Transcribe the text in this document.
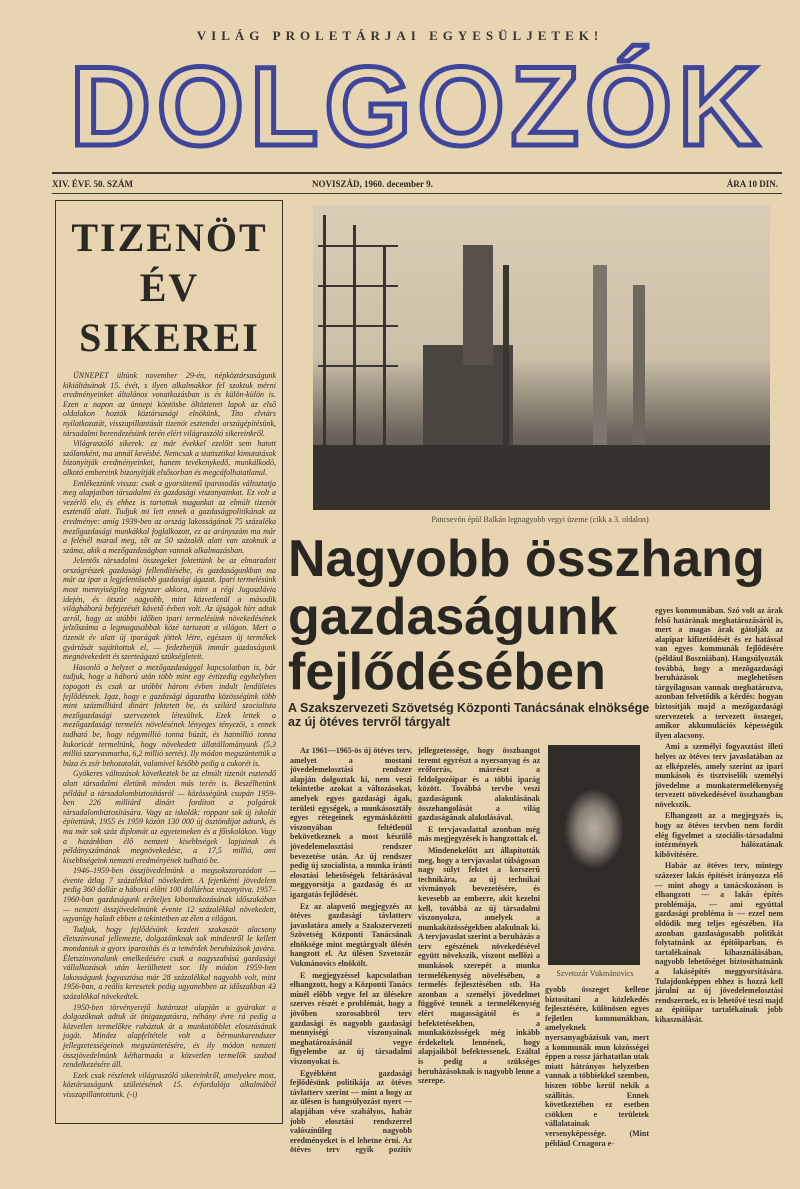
VILÁG PROLETÁRJAI EGYESÜLJETEK!
DOLGOZÓK
XIV. ÉVF. 50. SZÁM	NOVISZÁD, 1960. december 9.	ÁRA 10 DIN.
TIZENÖT
ÉV
SIKEREI

ÜNNEPET ültünk november 29-én, népköztársaságunk kikiáltásának 15. évét, s ilyen alkalmakkor fel szoktuk mérni eredményeinket általános vonatkozásban is és külön-külön is. Ezen a napon az ünnepi köntösbe öltöztetett lapok az első oldalakon hozták köztársasági elnökünk, Tito elvtárs nyilatkozatát, visszapillantását tizenöt esztendei országépítésünk, társadalmi berendezésünk terén elért világraszóló sikereinkről.

Világraszóló sikerek: ez már évekkel ezelőtt sem hatott szólamként, ma annál kevésbé. Nemcsak a statisztikai kimutatások bizonyítják eredményeinket, hanem tevékenykedő, munkálkodó, alkotó embereink bizonyítják elsősorban és megcáfolhatatlanul.

Emlékezzünk vissza: csak a gyorsütemű iparosodás változtatja meg alapjaiban társadalmi és gazdasági viszonyainkat. Ez volt a vezérlő elv, és ehhez is tartottuk magunkat az elmúlt tizenöt esztendő alatt. Tudjuk mi lett ennek a gazdaságpolitikának az eredménye: amíg 1939-ben az ország lakosságának 75 százaléka mezőgazdasági munkákkal foglalkozott, ez az arányszám ma már a felénél marad meg, sőt az 50 százalék alatt van azoknak a száma, akik a mezőgazdaságban vannak alkalmazásban.

Jelentős társadalmi összegeket fektettünk be az elmaradott országrészek gazdasági fellendítésébe, és gazdaságunkban ma már az ipar a legjelentősebb gazdasági ágazat. Ipari termelésünk most mennyiségileg négyszer akkora, mint a régi Jugoszlávia idején, és ötször nagyobb, mint közvetlenül a második világháború befejezését követő évben volt. Az újságok hírt adtak arról, hogy az utóbbi időben ipari termelésünk növekedésének jelzőszáma a legmagasabbak közé tartozott a világon. Mert a tizenöt év alatt új iparágak jöttek létre, egészen új termékek gyártását sajátítottuk el, — fedezhetjük immár gazdaságunk megnövekedett és szerteágazó szükségleteit.

Hasonló a helyzet a mezőgazdasággal kapcsolatban is, bár tudjuk, hogy a háború után több mint egy évtizedig egyhelyben topogott és csak az utóbbi három évben indult lendületes fejlődésnek. Igaz, hogy e gazdasági ágazatba közösségünk több mint százmilliárd dinárt fektetett be, és szilárd szocialista mezőgazdasági szervezetek létesültek. Ezek lettek a mezőgazdasági termelés növelésének lényeges tényezői, s ennek tudható be, hogy négymillió tonna búzát, és hatmillió tonna kukoricát termeltünk, hogy növekedett állatállományunk (5,3 millió szarvasmarha, 6,2 millió sertés). Ily módon megszüntettük a búza és zsír behozatalát, valamivel később pedig a cukorét is.

Gyökeres változások következtek be az elmúlt tizenöt esztendő alatt társadalmi életünk minden más terén is. Beszélhetünk például a társadalombiztosításról — közösségünk csupán 1959-ben 226 milliárd dinárt fordított a polgárok társadalombiztosítására. Vagy az iskolák: roppant sok új iskolát építettünk, 1955 és 1959 között 130 000 új ösztöndíjat adtunk, és ma már sok száz diplomát az egyetemeken és a főiskolákon. Vagy a hazánkban élő nemzeti kisebbségek lapjainak és példányszámának megnövekedése, a 17,5 millió, ami kisebbségeink nemzeti eredményének tudható be.

1946–1959-ben összjövedelmünk a megsokszorozódott — évente átlag 7 százalékkal növekedett. A fejenkénti jövedelem pedig 360 dollár a háború előtti 100 dollárhoz viszonyítva. 1957–1960-ban gazdaságunk erőteljes kibontakozásának időszakában — nemzeti összjövedelmünk évente 12 százalékkal növekedett, ugyanígy haladt ebben a tekintetben az élen a világon.

Tudjuk, hogy fejlődésünk kezdeti szakaszát alacsony életszínvonal jellemezte, dolgozóinknak sok mindenről le kellett mondaniuk a gyors iparosítás és a temérdek beruházások javára. Életszínvonalunk emelkedésére csak a nagyszabású gazdasági vállalkozások után kerülhetett sor. Ily módon 1959-ben lakosságunk fogyasztása már 28 százalékkal nagyobb volt, mint 1956-ban, a reális keresetek pedig ugyanebben az időszakban 43 százalékkal növekedtek.

1950-ben törvényerejű határozat alapján a gyárakat a dolgozóknak adtuk át önigazgatásra, néhány évre rá pedig a közvetlen termelőkre ruháztuk át a munkatöbblet elosztásának jogát. Mindez alapfeltétele volt a bérmunkarendszer jellegzetességeinek megszüntetésére, és ily módon nemzeti összjövedelmünk kétharmada a közvetlen termelők szabad rendelkezésére áll.

Ezek csak részletek világraszóló sikereinkről, amelyekre most, köztársaságunk születésének 15. évfordulója alkalmából visszapillantottunk. (-i)

Pancsevón épül Balkán legnagyobb vegyi üzeme (cikk a 3. oldalon)
Nagyobb összhang
gazdaságunk
fejlődésében
A Szakszervezeti Szövetség Központi Tanácsának elnöksége az új ötéves tervről tárgyalt

Az 1961—1965-ös új ötéves terv, amelyet a mostani jövedelemelosztási rendszer alapján dolgoztak ki, nem veszi tekintetbe azokat a változásokat, amelyek egyes gazdasági ágak, területi egységek, a munkásosztály egyes rétegeinek egymásközötti viszonyában feltétlenül bekövetkeznek a most készülő jövedelemelosztási rendszer bevezetése után. Az új rendszer pedig új szocialista, a munka iránti elosztási lehetőségek feltárásával meggyorsítja a gazdaság és az igazgatás fejlődését.

Ez az alapvető megjegyzés az ötéves gazdasági távlatterv javaslatára amely a Szakszervezeti Szövetség Központi Tanácsának elnöksége mint megtárgyalt ülésén hangzott el. Az ülésen Szvetozár Vukmánovics elnökölt.

E megjegyzéssel kapcsolatban elhangzott, hogy a Központi Tanács minél előbb vegye fel az ülésekre szerves részét e problémát, hogy a jövőben szorosabbról terv gazdasági és nagyobb gazdasági mennyiségi viszonyainak meghatározásánál vegye figyelembe az új társadalmi viszonyokat is.

Egyébként gazdasági fejlődésünk politikája az ötéves távlatterv szerint — mint a hogy az az ülésen is hangsúlyozást nyert — alapjában véve szabályos, habár jobb elosztási rendszerrel valószínűleg nagyobb eredményeket is el lehetne érni. Az ötéves terv egyik pozitív jellegzetessége, hogy összhangot teremt egyrészt a nyersanyag és az erőforrás, másrészt a feldolgozóipar és a többi iparág között. Továbbá tervbe veszi gazdaságunk alakulásának összehangolását a világ gazdaságának alakulásával.

E tervjavaslattal azonban még más megjegyzések is hangzottak el.

Mindenekelőtt azt állapították meg, hogy a tervjavaslat túlságosan nagy súlyt fektet a korszerű technikára, az új technikai vívmányok bevezetésére, és kevesebb az emberre, akit kezelni kell, továbbá az új társadalmi viszonyokra, amelyek a munkaközösségekben alakulnak ki. A tervjavaslat szerint a beruházás a terv egészének növekedésével együtt növekszik, viszont mellőzi a munkások szerepét a munka termelékenység növelésében, a termelés fejlesztésében stb. Ha azonban a személyi jövedelmet függővé tennék a termelékenység elért magasságától és a befektetésekben, a munkaközösségek még inkább érdekeltek lennének, hogy alapjaikból befektessenek. Ezáltal is pedig a szükséges beruházásoknak is nagyobb lenne a szerepe.

Szvetozár Vukmánovics

gyobb összeget kellene biztosítani a közlekedés fejlesztésére, különösen egyes fejletlen kommunákban, amelyeknek nyersanyagbázisuk van, mert a kommunák mun közösségei éppen a rossz járhatatlan utak miatt hátrányos helyzetben vannak a többiekkel szemben, hiszen többe kerül nekik a szállítás. Ennek következtében ez esetben csökken e területek vállalatainak versenyképessége. (Mint például Crnagora e-

egyes kommunában. Szó volt az árak felső határának meghatározásáról is, mert a magas árak gátolják az alapipar kifizetődését és ez hatással van egyes kommunák fejlődésére (például Boszniában). Hangsúlyozták továbbá, hogy a mezőgazdasági beruházások meglehetősen tárgyilagosan vannak meghatározva, azonban felvetődik a kérdés: hogyan biztosítják majd a mezőgazdasági szervezetek a tervezett összeget, amikor akkumulációs képességük ilyen alacsony.

Ami a személyi fogyasztást illeti helyes az ötéves terv javaslatában az az elképzelés, amely szerint az ipari munkások és tisztviselők személyi jövedelme a munkatermelékenység tervezett növekedésével összhangban növekszik.

Elhangzott az a megjegyzés is, hogy az ötéves tervben nem fordít elég figyelmet a szociális-társadalmi intézmények hálózatának kibővítésére.

Habár az ötéves terv, mintegy százezer lakás építését irányozza elő — mint ahogy a tanácskozáson is elhangzott — a lakás építés problémája, — ami egyúttal gazdasági probléma is — ezzel nem oldódik meg teljes egészében. Ha azonban gazdaságosabb politikát folytatnánk az építőiparban, és tartalékainak kihasználásában, nagyobb lehetőséget biztosíthatnánk a lakásépítés meggyorsítására. Tulajdonképpen ehhez is hozzá kell járulni az új jövedelemelosztási rendszernek, ez is lehetővé teszi majd az építőipar tartalékainak jobb kihasználását.
